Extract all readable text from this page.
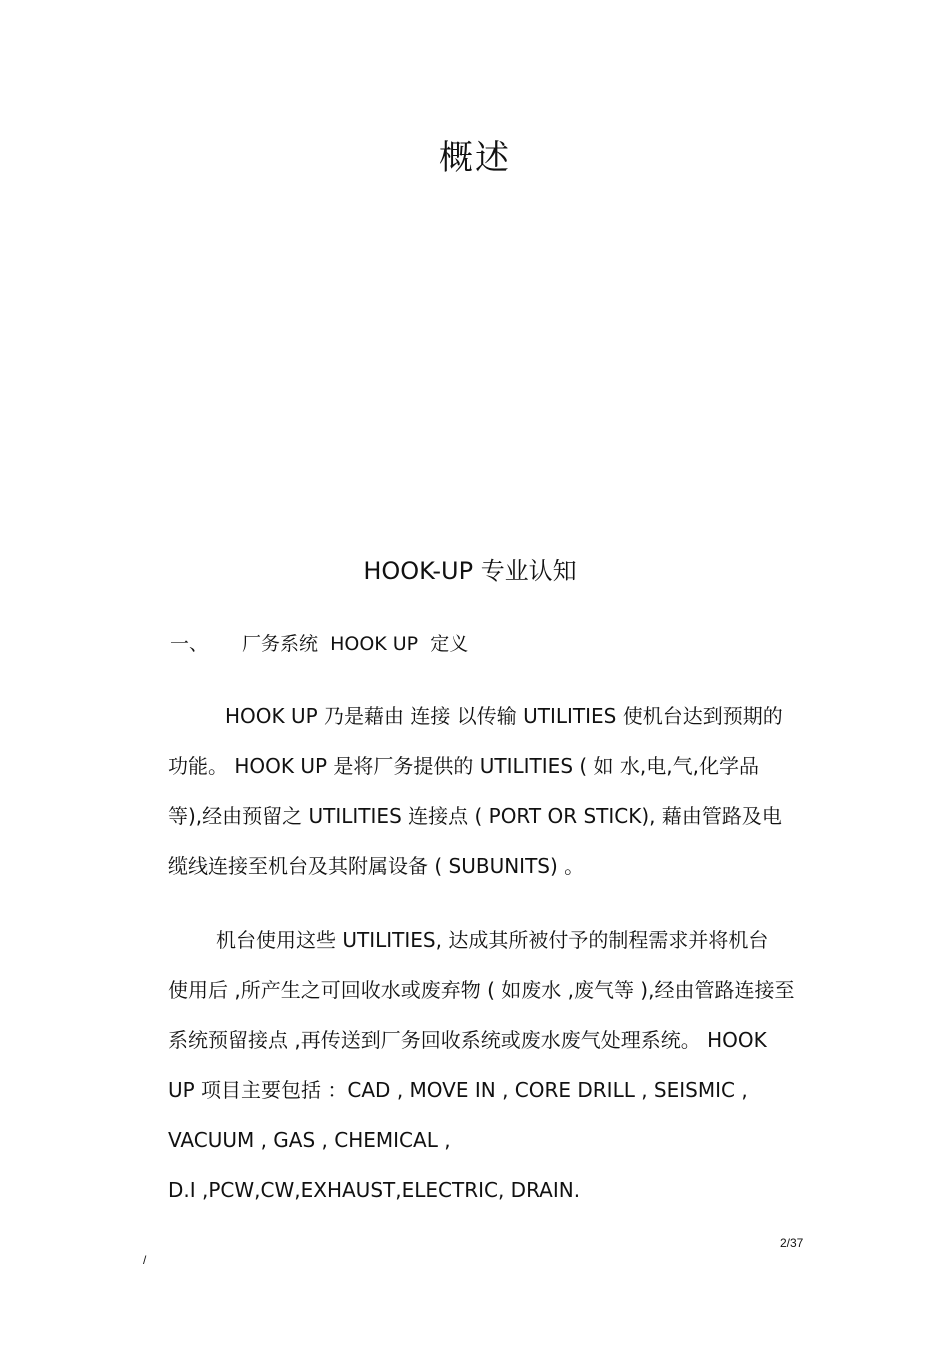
概述
HOOK-UP 专业认知
一、 厂务系统  HOOK UP  定义
HOOK UP 乃是藉由 连接 以传输 UTILITIES 使机台达到预期的
功能。 HOOK UP 是将厂务提供的 UTILITIES ( 如 水,电,气,化学品
等),经由预留之 UTILITIES 连接点 ( PORT OR STICK), 藉由管路及电
缆线连接至机台及其附属设备 ( SUBUNITS) 。
机台使用这些 UTILITIES, 达成其所被付予的制程需求并将机台
使用后 ,所产生之可回收水或废弃物 ( 如废水 ,废气等 ),经由管路连接至
系统预留接点 ,再传送到厂务回收系统或废水废气处理系统。 HOOK
UP 项目主要包括 ：CAD , MOVE IN , CORE DRILL , SEISMIC ,
VACUUM , GAS , CHEMICAL ,
D.I ,PCW,CW,EXHAUST,ELECTRIC, DRAIN.
2/37
/
